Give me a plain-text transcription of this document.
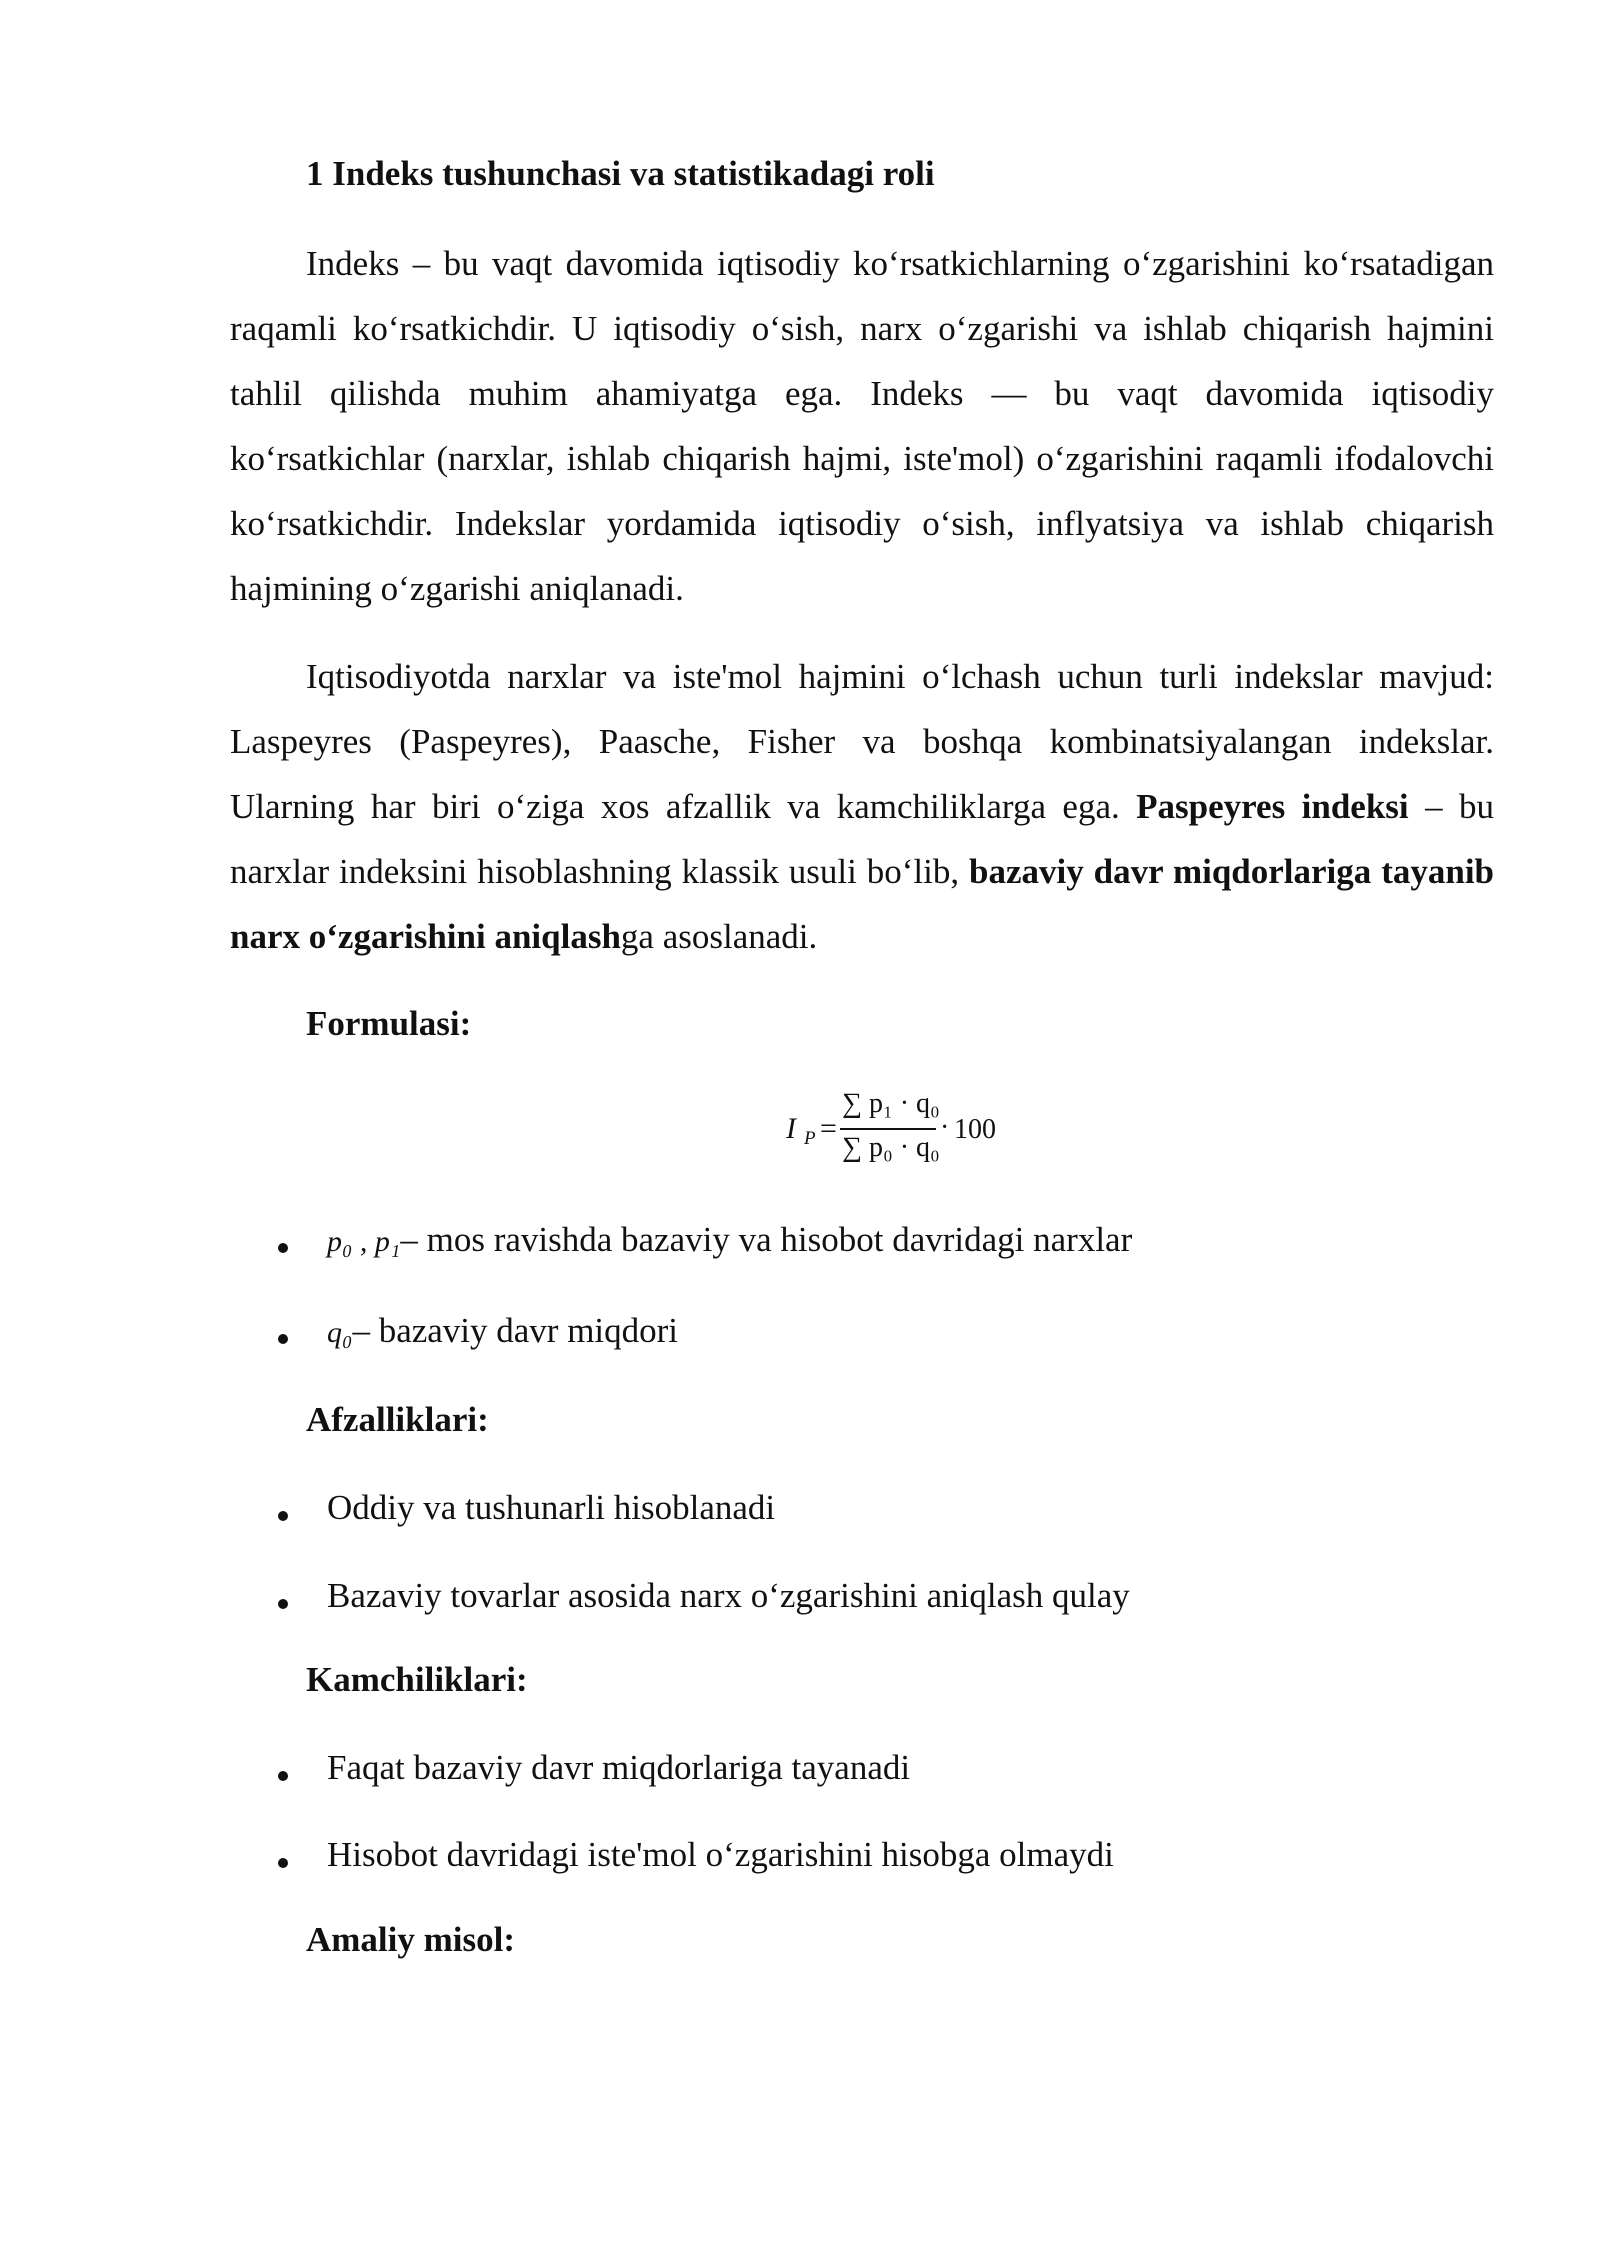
1 Indeks tushunchasi va statistikadagi roli

Indeks – bu vaqt davomida iqtisodiy ko‘rsatkichlarning o‘zgarishini ko‘rsatadigan raqamli ko‘rsatkichdir. U iqtisodiy o‘sish, narx o‘zgarishi va ishlab chiqarish hajmini tahlil qilishda muhim ahamiyatga ega. Indeks — bu vaqt davomida iqtisodiy ko‘rsatkichlar (narxlar, ishlab chiqarish hajmi, iste'mol) o‘zgarishini raqamli ifodalovchi ko‘rsatkichdir. Indekslar yordamida iqtisodiy o‘sish, inflyatsiya va ishlab chiqarish hajmining o‘zgarishi aniqlanadi.

Iqtisodiyotda narxlar va iste'mol hajmini o‘lchash uchun turli indekslar mavjud: Laspeyres (Paspeyres), Paasche, Fisher va boshqa kombinatsiyalangan indekslar. Ularning har biri o‘ziga xos afzallik va kamchiliklarga ega. Paspeyres indeksi – bu narxlar indeksini hisoblashning klassik usuli bo‘lib, bazaviy davr miqdorlariga tayanib narx o‘zgarishini aniqlashga asoslanadi.

Formulasi:
I P =
∑ p₁ · q₀
∑ p₀ · q₀
· 100
p₀ , p₁– mos ravishda bazaviy va hisobot davridagi narxlar
q₀– bazaviy davr miqdori
Afzalliklari:
Oddiy va tushunarli hisoblanadi
Bazaviy tovarlar asosida narx o‘zgarishini aniqlash qulay
Kamchiliklari:
Faqat bazaviy davr miqdorlariga tayanadi
Hisobot davridagi iste'mol o‘zgarishini hisobga olmaydi
Amaliy misol:
